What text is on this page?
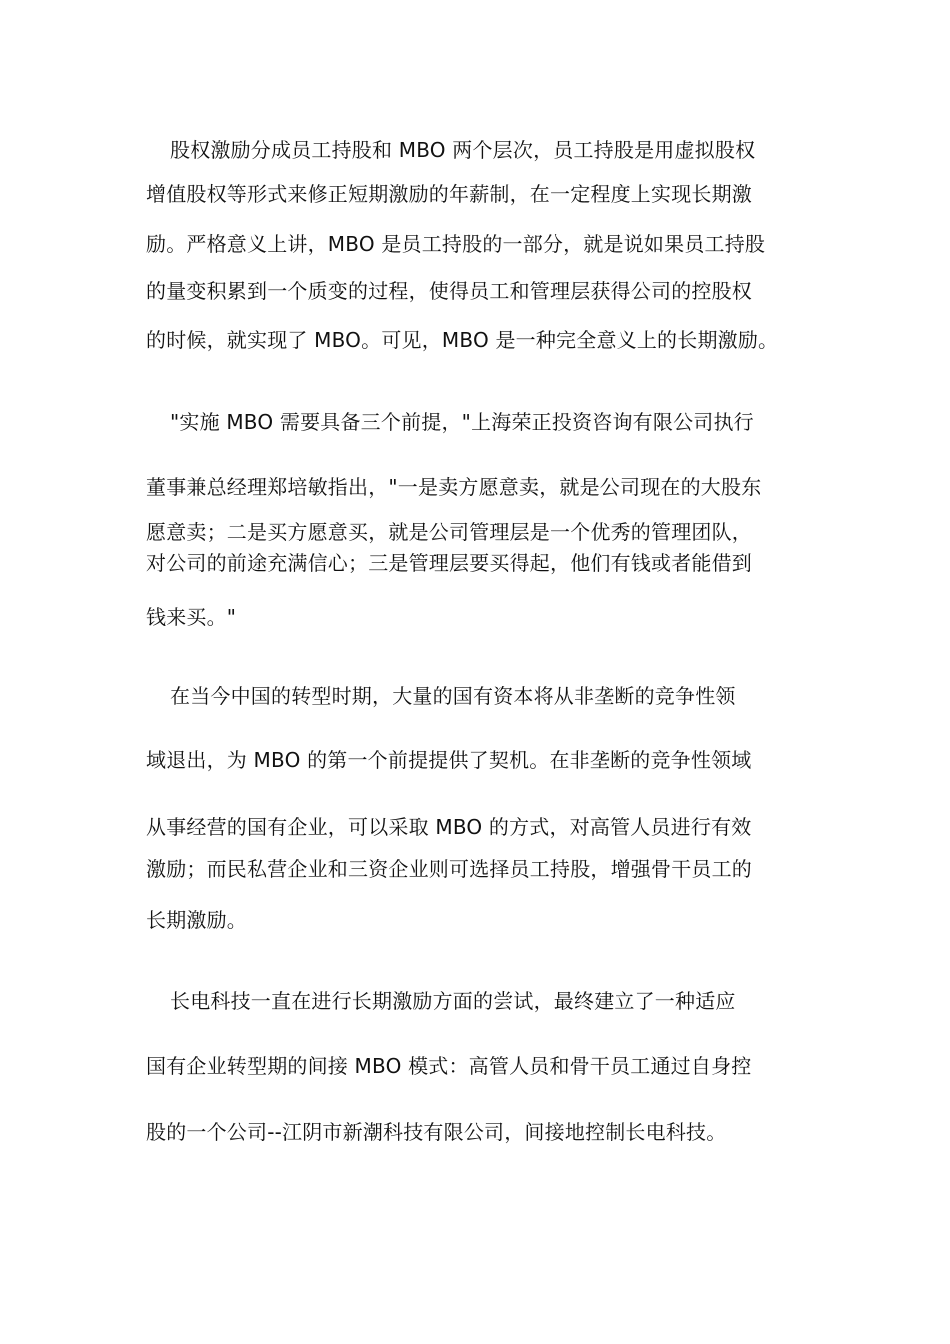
股权激励分成员工持股和 MBO 两个层次，员工持股是用虚拟股权
增值股权等形式来修正短期激励的年薪制，在一定程度上实现长期激
励。严格意义上讲，MBO 是员工持股的一部分，就是说如果员工持股
的量变积累到一个质变的过程，使得员工和管理层获得公司的控股权
的时候，就实现了 MBO。可见，MBO 是一种完全意义上的长期激励。
"实施 MBO 需要具备三个前提，"上海荣正投资咨询有限公司执行
董事兼总经理郑培敏指出，"一是卖方愿意卖，就是公司现在的大股东
愿意卖；二是买方愿意买，就是公司管理层是一个优秀的管理团队，
对公司的前途充满信心；三是管理层要买得起，他们有钱或者能借到
钱来买。"
在当今中国的转型时期，大量的国有资本将从非垄断的竞争性领
域退出，为 MBO 的第一个前提提供了契机。在非垄断的竞争性领域
从事经营的国有企业，可以采取 MBO 的方式，对高管人员进行有效
激励；而民私营企业和三资企业则可选择员工持股，增强骨干员工的
长期激励。
长电科技一直在进行长期激励方面的尝试，最终建立了一种适应
国有企业转型期的间接 MBO 模式：高管人员和骨干员工通过自身控
股的一个公司--江阴市新潮科技有限公司，间接地控制长电科技。
